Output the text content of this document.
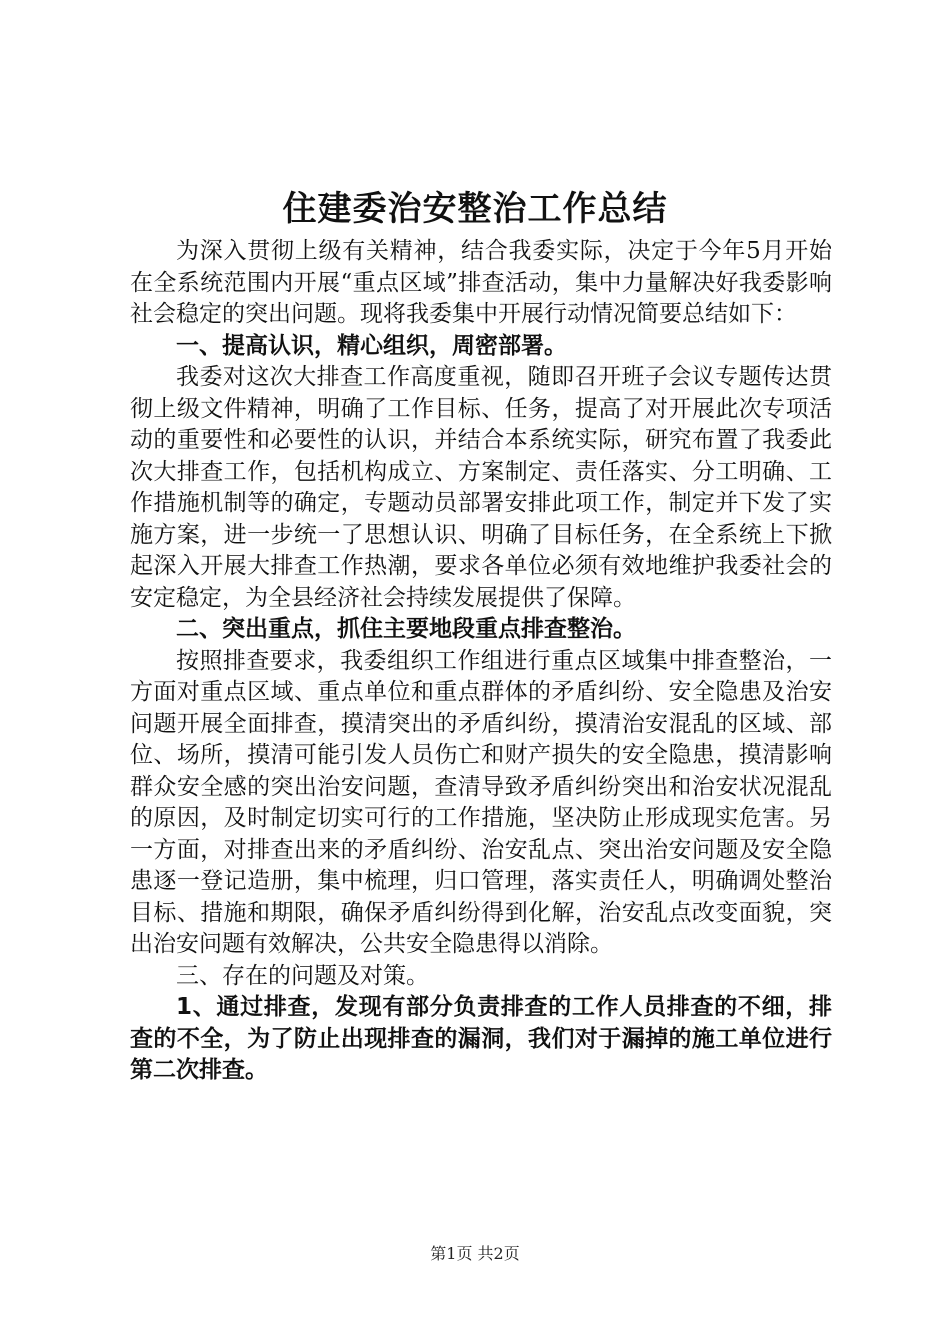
住建委治安整治工作总结

为深入贯彻上级有关精神，结合我委实际，决定于今年5月开始在全系统范围内开展“重点区域”排查活动，集中力量解决好我委影响社会稳定的突出问题。现将我委集中开展行动情况简要总结如下：

一、提高认识，精心组织，周密部署。

我委对这次大排查工作高度重视，随即召开班子会议专题传达贯彻上级文件精神，明确了工作目标、任务，提高了对开展此次专项活动的重要性和必要性的认识，并结合本系统实际，研究布置了我委此次大排查工作，包括机构成立、方案制定、责任落实、分工明确、工作措施机制等的确定，专题动员部署安排此项工作，制定并下发了实施方案，进一步统一了思想认识、明确了目标任务，在全系统上下掀起深入开展大排查工作热潮，要求各单位必须有效地维护我委社会的安定稳定，为全县经济社会持续发展提供了保障。

二、突出重点，抓住主要地段重点排查整治。

按照排查要求，我委组织工作组进行重点区域集中排查整治，一方面对重点区域、重点单位和重点群体的矛盾纠纷、安全隐患及治安问题开展全面排查，摸清突出的矛盾纠纷，摸清治安混乱的区域、部位、场所，摸清可能引发人员伤亡和财产损失的安全隐患，摸清影响群众安全感的突出治安问题，查清导致矛盾纠纷突出和治安状况混乱的原因，及时制定切实可行的工作措施，坚决防止形成现实危害。另一方面，对排查出来的矛盾纠纷、治安乱点、突出治安问题及安全隐患逐一登记造册，集中梳理，归口管理，落实责任人，明确调处整治目标、措施和期限，确保矛盾纠纷得到化解，治安乱点改变面貌，突出治安问题有效解决，公共安全隐患得以消除。

三、存在的问题及对策。

1、通过排查，发现有部分负责排查的工作人员排查的不细，排查的不全，为了防止出现排查的漏洞，我们对于漏掉的施工单位进行第二次排查。

第1页 共2页
